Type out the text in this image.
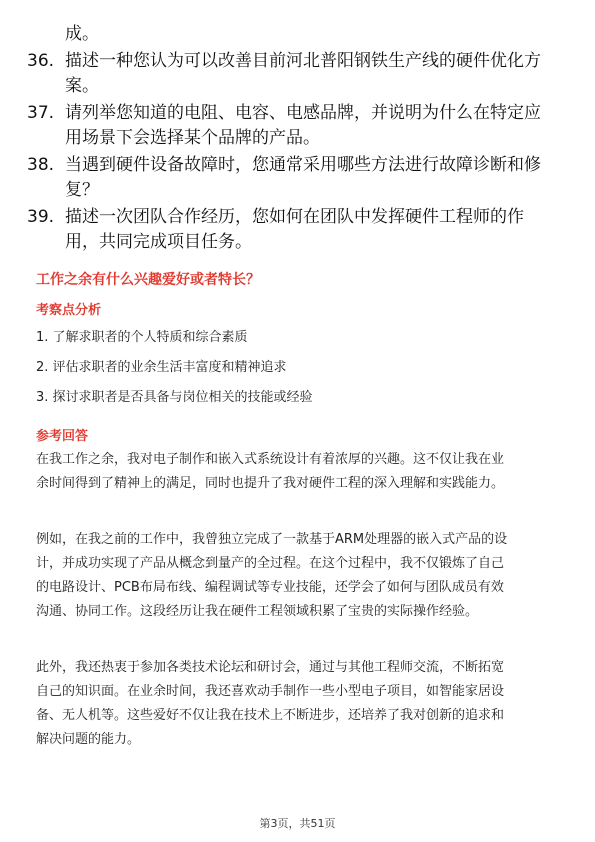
成。
36. 描述一种您认为可以改善目前河北普阳钢铁生产线的硬件优化方
案。
37. 请列举您知道的电阻、电容、电感品牌，并说明为什么在特定应
用场景下会选择某个品牌的产品。
38. 当遇到硬件设备故障时，您通常采用哪些方法进行故障诊断和修
复？
39. 描述一次团队合作经历，您如何在团队中发挥硬件工程师的作
用，共同完成项目任务。
工作之余有什么兴趣爱好或者特长？
考察点分析
1. 了解求职者的个人特质和综合素质
2. 评估求职者的业余生活丰富度和精神追求
3. 探讨求职者是否具备与岗位相关的技能或经验
参考回答
在我工作之余，我对电子制作和嵌入式系统设计有着浓厚的兴趣。这不仅让我在业
余时间得到了精神上的满足，同时也提升了我对硬件工程的深入理解和实践能力。
例如，在我之前的工作中，我曾独立完成了一款基于ARM处理器的嵌入式产品的设
计，并成功实现了产品从概念到量产的全过程。在这个过程中，我不仅锻炼了自己
的电路设计、PCB布局布线、编程调试等专业技能，还学会了如何与团队成员有效
沟通、协同工作。这段经历让我在硬件工程领域积累了宝贵的实际操作经验。
此外，我还热衷于参加各类技术论坛和研讨会，通过与其他工程师交流，不断拓宽
自己的知识面。在业余时间，我还喜欢动手制作一些小型电子项目，如智能家居设
备、无人机等。这些爱好不仅让我在技术上不断进步，还培养了我对创新的追求和
解决问题的能力。
第3页，共51页
